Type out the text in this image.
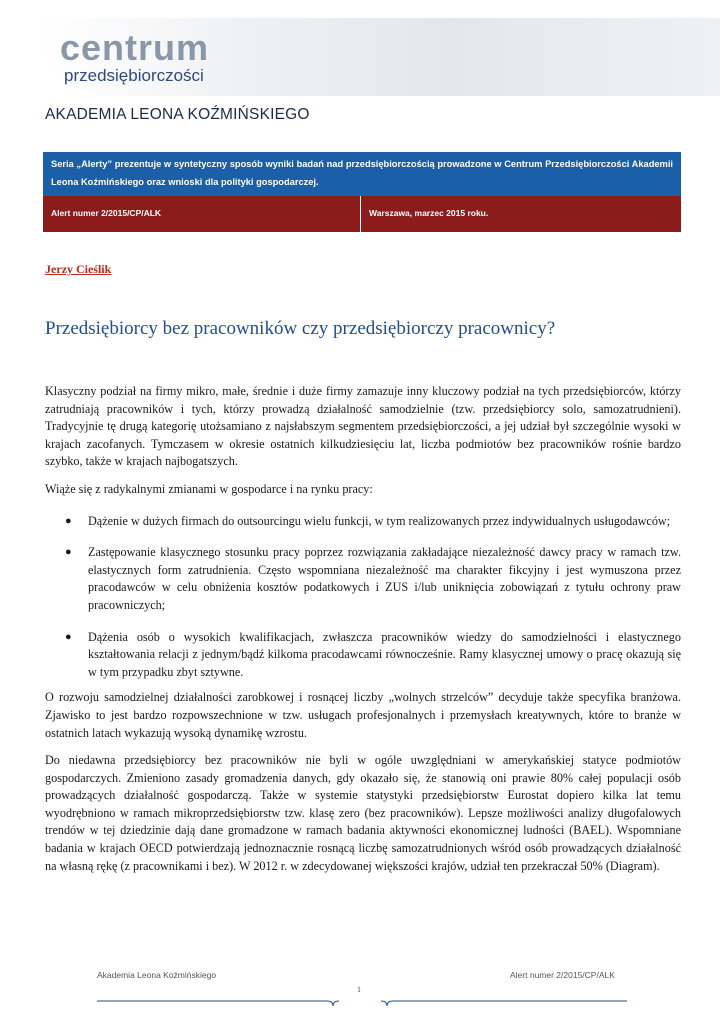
centrum
przedsiębiorczości
AKADEMIA LEONA KOŹMIŃSKIEGO
Seria „Alerty” prezentuje w syntetyczny sposób wyniki badań nad przedsiębiorczością prowadzone w Centrum Przedsiębiorczości Akademii Leona Koźmińskiego oraz wnioski dla polityki gospodarczej.
Alert numer 2/2015/CP/ALK	Warszawa, marzec 2015 roku.
Jerzy Cieślik
Przedsiębiorcy bez pracowników czy przedsiębiorczy pracownicy?

Klasyczny podział na firmy mikro, małe, średnie i duże firmy zamazuje inny kluczowy podział na tych przedsiębiorców, którzy zatrudniają pracowników i tych, którzy prowadzą działalność samodzielnie (tzw. przedsiębiorcy solo, samozatrudnieni). Tradycyjnie tę drugą kategorię utożsamiano z najsłabszym segmentem przedsiębiorczości, a jej udział był szczególnie wysoki w krajach zacofanych. Tymczasem w okresie ostatnich kilkudziesięciu lat, liczba podmiotów bez pracowników rośnie bardzo szybko, także w krajach najbogatszych.

Wiąże się z radykalnymi zmianami w gospodarce i na rynku pracy:

● Dążenie w dużych firmach do outsourcingu wielu funkcji, w tym realizowanych przez indywidualnych usługodawców;
● Zastępowanie klasycznego stosunku pracy poprzez rozwiązania zakładające niezależność dawcy pracy w ramach tzw. elastycznych form zatrudnienia. Często wspomniana niezależność ma charakter fikcyjny i jest wymuszona przez pracodawców w celu obniżenia kosztów podatkowych i ZUS i/lub uniknięcia zobowiązań z tytułu ochrony praw pracowniczych;
● Dążenia osób o wysokich kwalifikacjach, zwłaszcza pracowników wiedzy do samodzielności i elastycznego kształtowania relacji z jednym/bądź kilkoma pracodawcami równocześnie. Ramy klasycznej umowy o pracę okazują się w tym przypadku zbyt sztywne.

O rozwoju samodzielnej działalności zarobkowej i rosnącej liczby „wolnych strzelców” decyduje także specyfika branżowa. Zjawisko to jest bardzo rozpowszechnione w tzw. usługach profesjonalnych i przemysłach kreatywnych, które to branże w ostatnich latach wykazują wysoką dynamikę wzrostu.

Do niedawna przedsiębiorcy bez pracowników nie byli w ogóle uwzględniani w amerykańskiej statyce podmiotów gospodarczych. Zmieniono zasady gromadzenia danych, gdy okazało się, że stanowią oni prawie 80% całej populacji osób prowadzących działalność gospodarczą. Także w systemie statystyki przedsiębiorstw Eurostat dopiero kilka lat temu wyodrębniono w ramach mikroprzedsiębiorstw tzw. klasę zero (bez pracowników). Lepsze możliwości analizy długofalowych trendów w tej dziedzinie dają dane gromadzone w ramach badania aktywności ekonomicznej ludności (BAEL). Wspomniane badania w krajach OECD potwierdzają jednoznacznie rosnącą liczbę samozatrudnionych wśród osób prowadzących działalność na własną rękę (z pracownikami i bez). W 2012 r. w zdecydowanej większości krajów, udział ten przekraczał 50% (Diagram).

Akademia Leona Koźmińskiego
1
Alert numer 2/2015/CP/ALK
